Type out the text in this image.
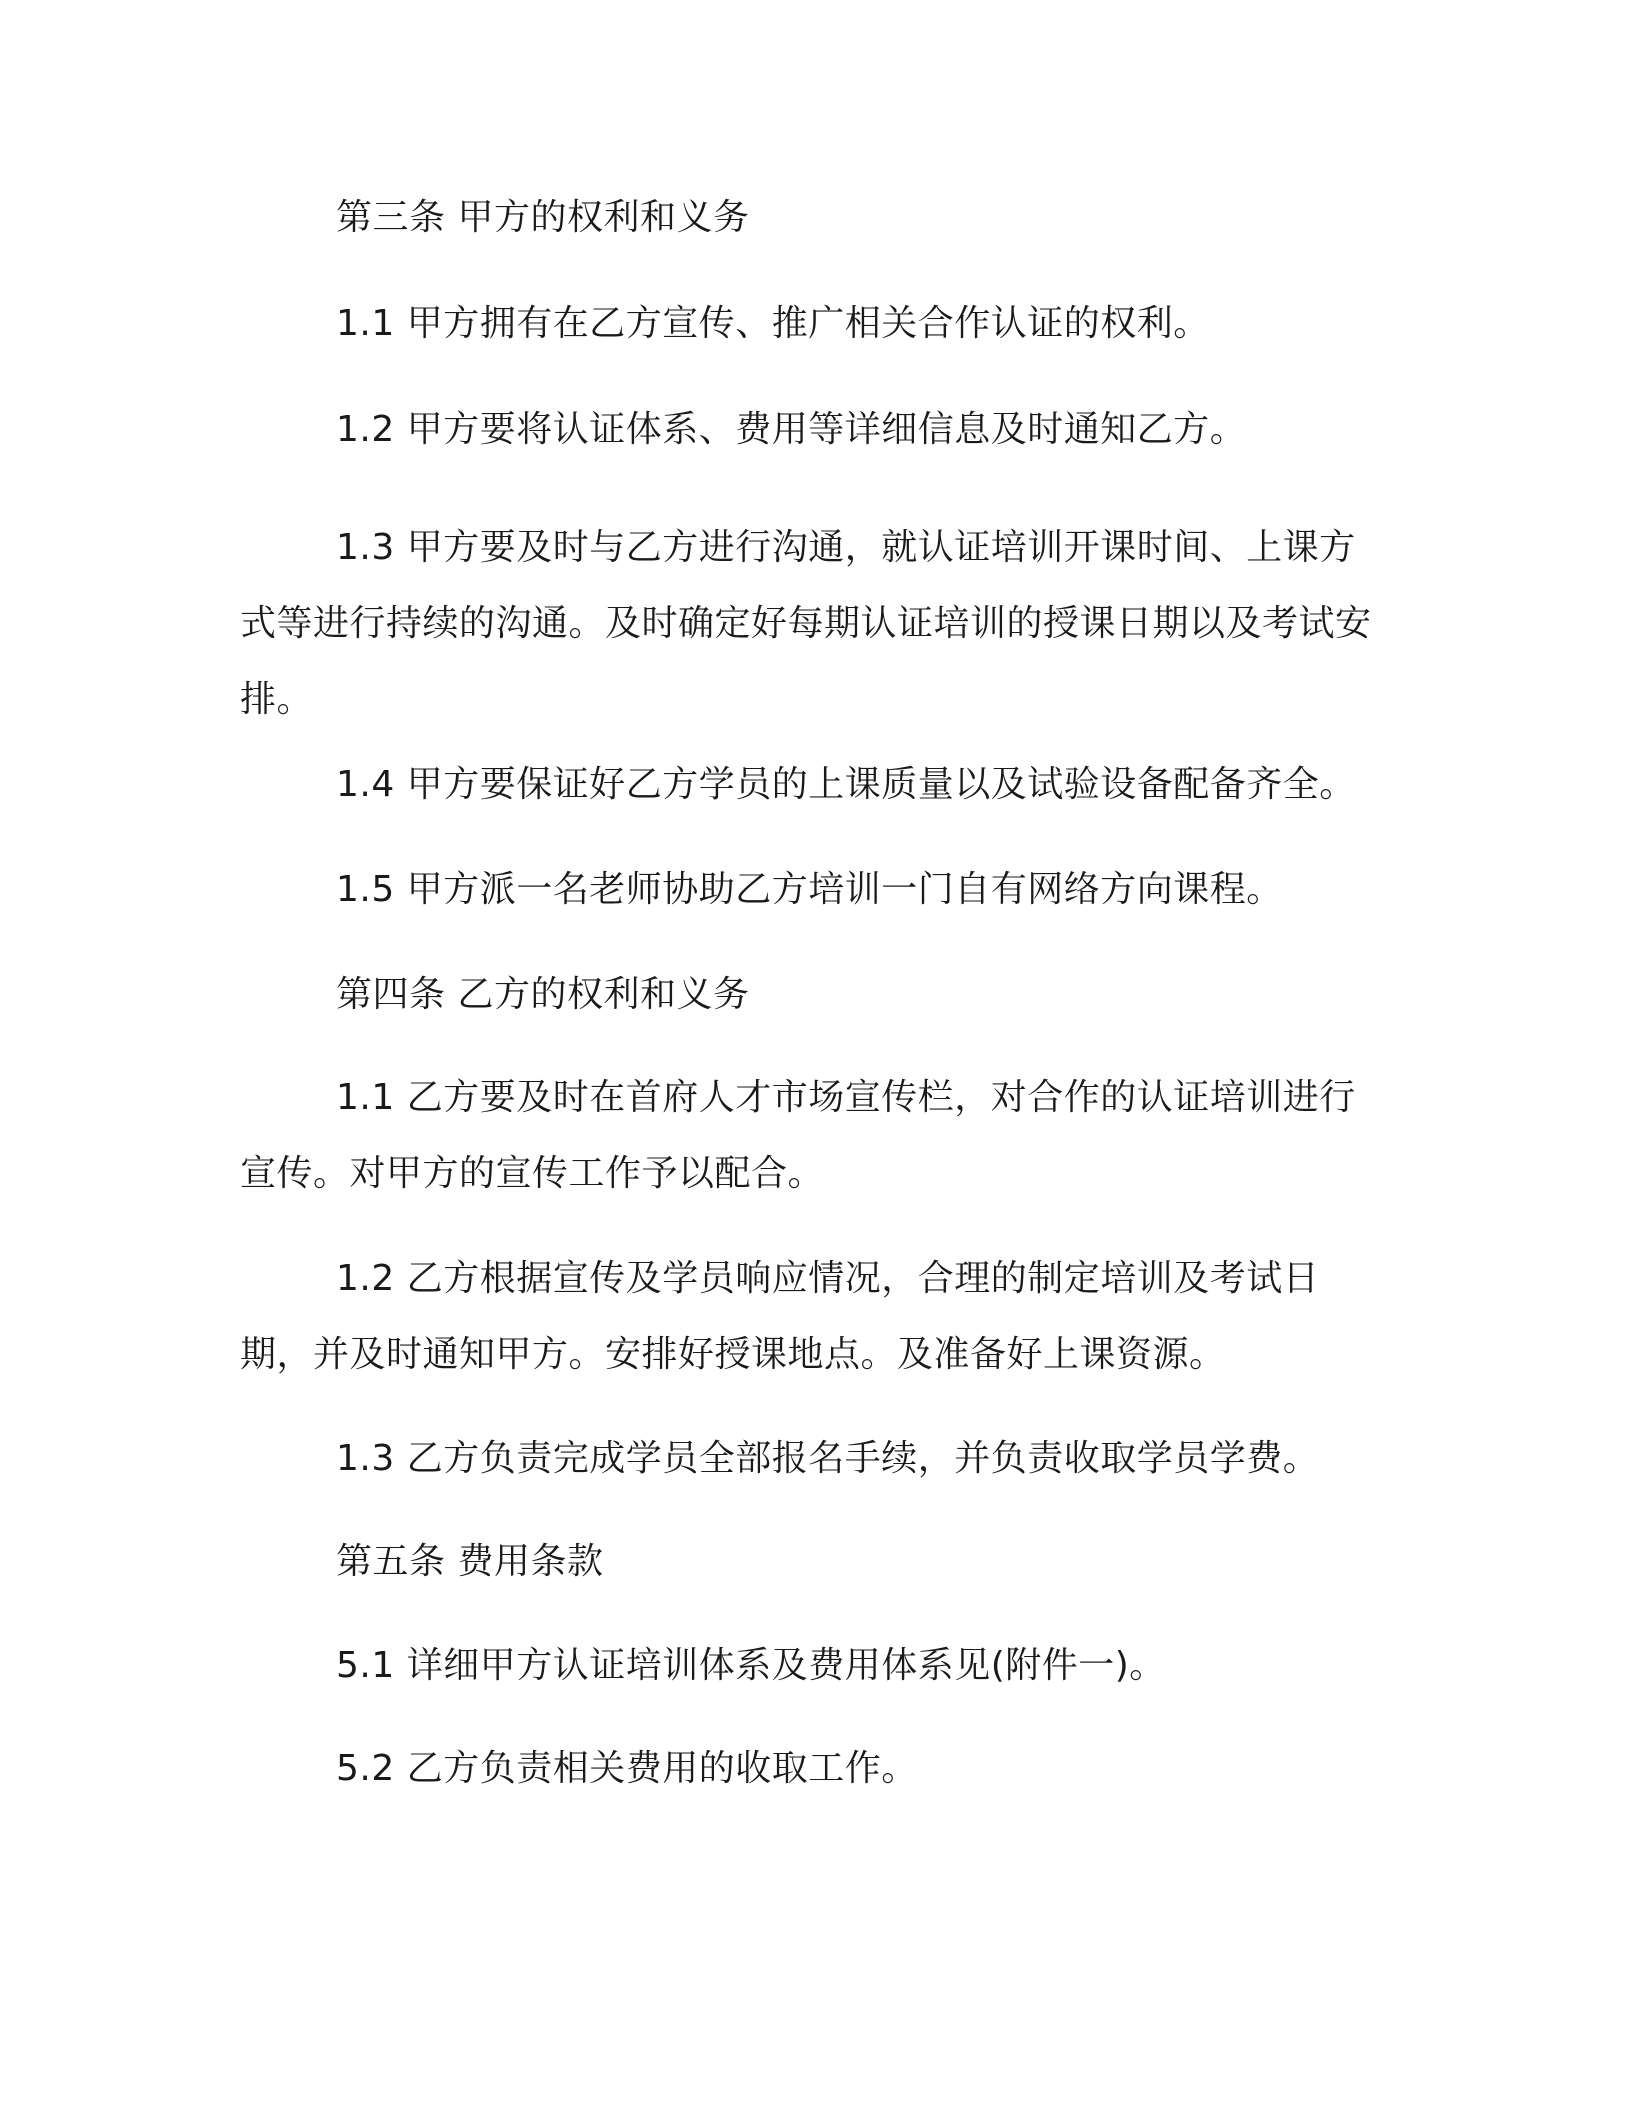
第三条 甲方的权利和义务

1.1 甲方拥有在乙方宣传、推广相关合作认证的权利。

1.2 甲方要将认证体系、费用等详细信息及时通知乙方。

1.3 甲方要及时与乙方进行沟通，就认证培训开课时间、上课方式等进行持续的沟通。及时确定好每期认证培训的授课日期以及考试安排。

1.4 甲方要保证好乙方学员的上课质量以及试验设备配备齐全。

1.5 甲方派一名老师协助乙方培训一门自有网络方向课程。

第四条 乙方的权利和义务

1.1 乙方要及时在首府人才市场宣传栏，对合作的认证培训进行宣传。对甲方的宣传工作予以配合。

1.2 乙方根据宣传及学员响应情况，合理的制定培训及考试日期，并及时通知甲方。安排好授课地点。及准备好上课资源。

1.3 乙方负责完成学员全部报名手续，并负责收取学员学费。

第五条 费用条款

5.1 详细甲方认证培训体系及费用体系见(附件一)。

5.2 乙方负责相关费用的收取工作。
